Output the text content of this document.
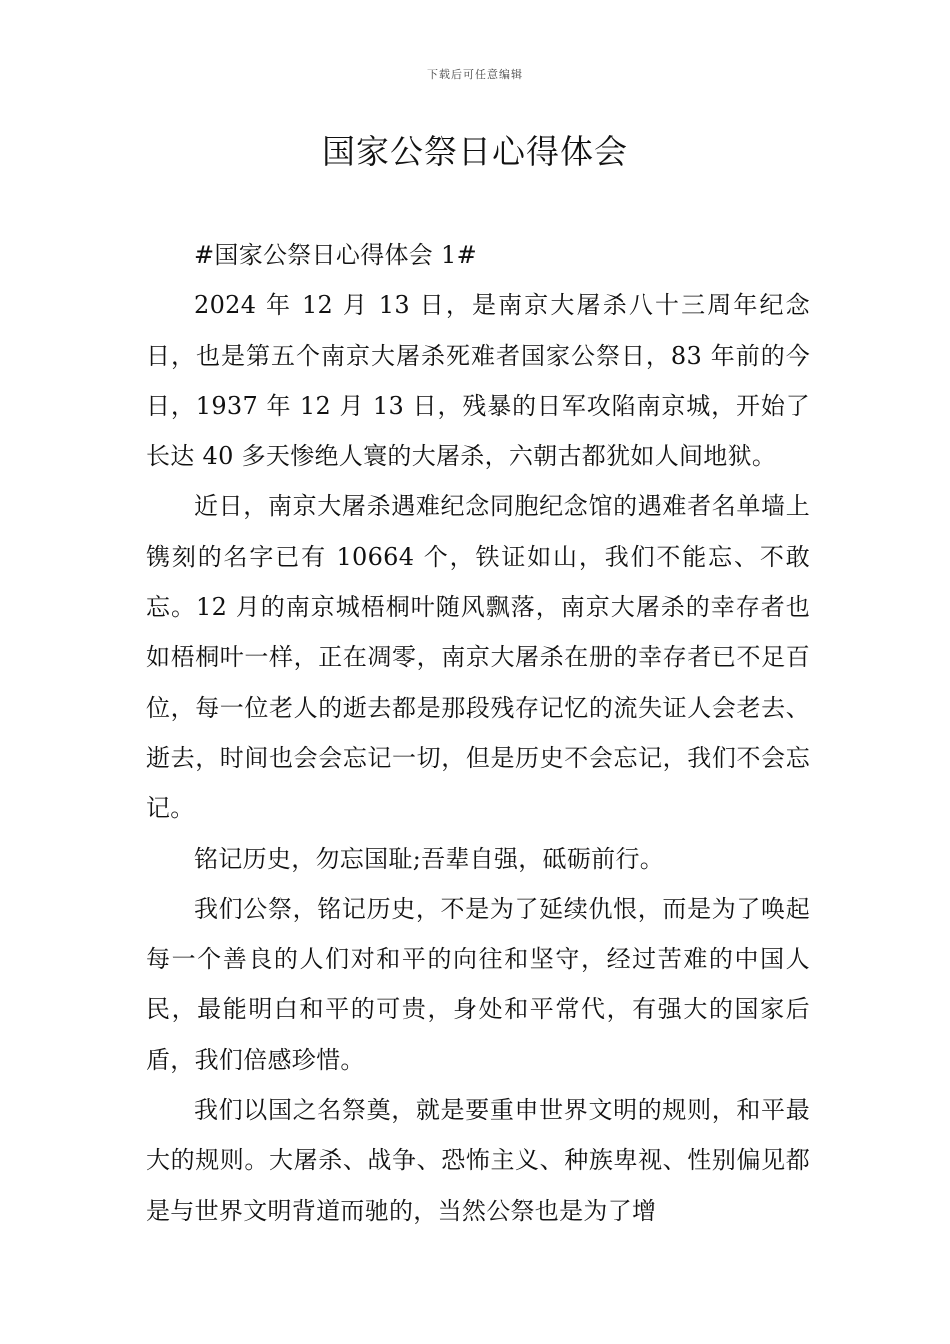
下载后可任意编辑
国家公祭日心得体会

#国家公祭日心得体会 1#

2024 年 12 月 13 日，是南京大屠杀八十三周年纪念日，也是第五个南京大屠杀死难者国家公祭日，83 年前的今日，1937 年 12 月 13 日，残暴的日军攻陷南京城，开始了长达 40 多天惨绝人寰的大屠杀，六朝古都犹如人间地狱。

近日，南京大屠杀遇难纪念同胞纪念馆的遇难者名单墙上镌刻的名字已有 10664 个，铁证如山，我们不能忘、不敢忘。12 月的南京城梧桐叶随风飘落，南京大屠杀的幸存者也如梧桐叶一样，正在凋零，南京大屠杀在册的幸存者已不足百位，每一位老人的逝去都是那段残存记忆的流失证人会老去、逝去，时间也会会忘记一切，但是历史不会忘记，我们不会忘记。

铭记历史，勿忘国耻;吾辈自强，砥砺前行。

我们公祭，铭记历史，不是为了延续仇恨，而是为了唤起每一个善良的人们对和平的向往和坚守，经过苦难的中国人民，最能明白和平的可贵，身处和平常代，有强大的国家后盾，我们倍感珍惜。

我们以国之名祭奠，就是要重申世界文明的规则，和平最大的规则。大屠杀、战争、恐怖主义、种族卑视、性别偏见都是与世界文明背道而驰的，当然公祭也是为了增
